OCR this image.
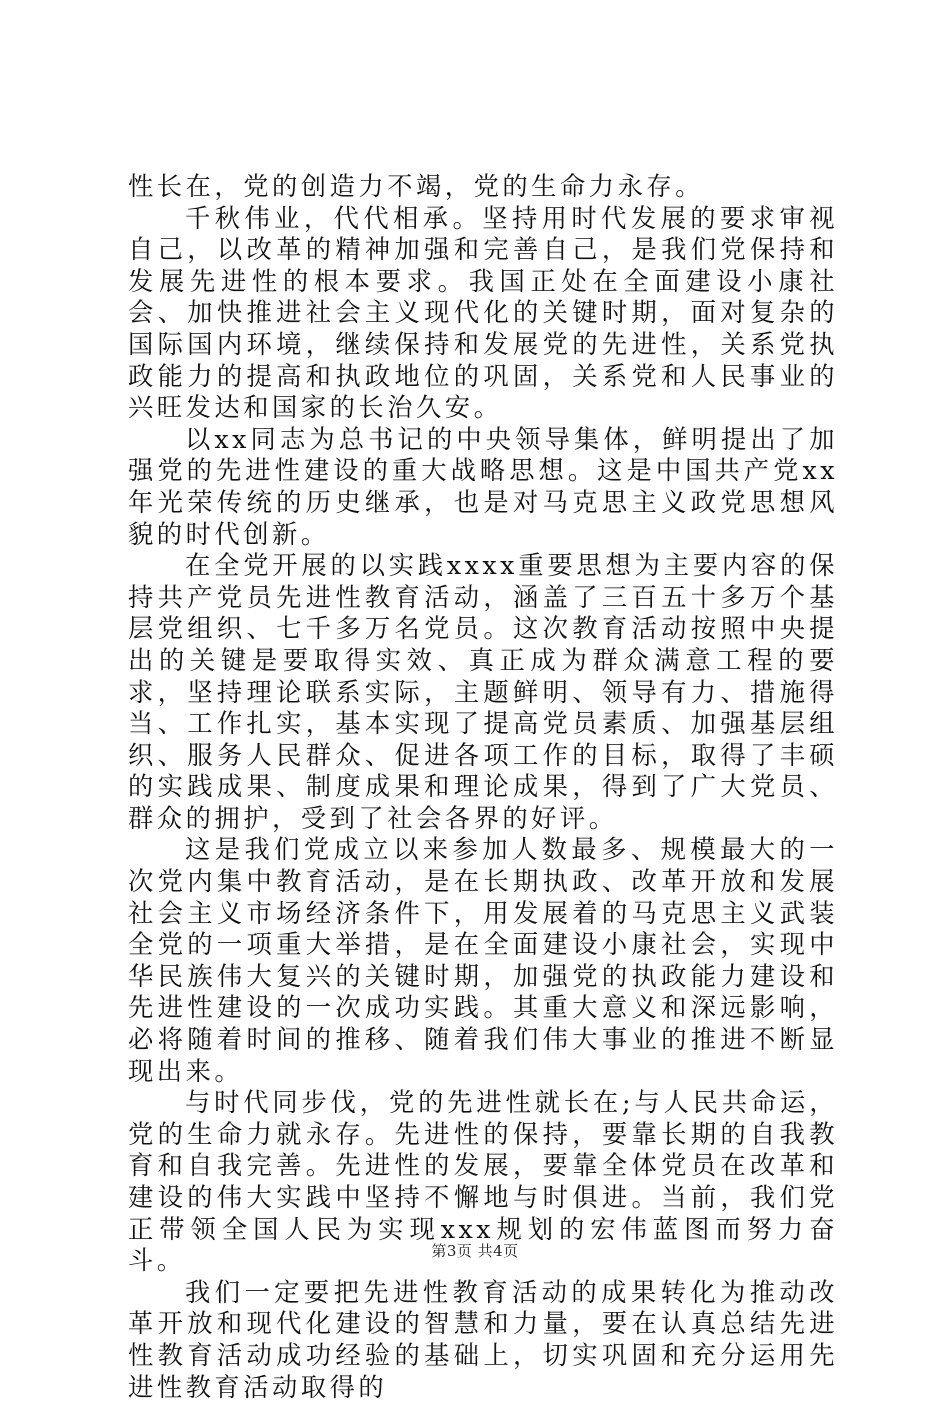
性长在，党的创造力不竭，党的生命力永存。

千秋伟业，代代相承。坚持用时代发展的要求审视自己，以改革的精神加强和完善自己，是我们党保持和发展先进性的根本要求。我国正处在全面建设小康社会、加快推进社会主义现代化的关键时期，面对复杂的国际国内环境，继续保持和发展党的先进性，关系党执政能力的提高和执政地位的巩固，关系党和人民事业的兴旺发达和国家的长治久安。

以xx同志为总书记的中央领导集体，鲜明提出了加强党的先进性建设的重大战略思想。这是中国共产党xx年光荣传统的历史继承，也是对马克思主义政党思想风貌的时代创新。

在全党开展的以实践xxxx重要思想为主要内容的保持共产党员先进性教育活动，涵盖了三百五十多万个基层党组织、七千多万名党员。这次教育活动按照中央提出的关键是要取得实效、真正成为群众满意工程的要求，坚持理论联系实际，主题鲜明、领导有力、措施得当、工作扎实，基本实现了提高党员素质、加强基层组织、服务人民群众、促进各项工作的目标，取得了丰硕的实践成果、制度成果和理论成果，得到了广大党员、群众的拥护，受到了社会各界的好评。

这是我们党成立以来参加人数最多、规模最大的一次党内集中教育活动，是在长期执政、改革开放和发展社会主义市场经济条件下，用发展着的马克思主义武装全党的一项重大举措，是在全面建设小康社会，实现中华民族伟大复兴的关键时期，加强党的执政能力建设和先进性建设的一次成功实践。其重大意义和深远影响，必将随着时间的推移、随着我们伟大事业的推进不断显现出来。

与时代同步伐，党的先进性就长在;与人民共命运，党的生命力就永存。先进性的保持，要靠长期的自我教育和自我完善。先进性的发展，要靠全体党员在改革和建设的伟大实践中坚持不懈地与时俱进。当前，我们党正带领全国人民为实现xxx规划的宏伟蓝图而努力奋斗。

我们一定要把先进性教育活动的成果转化为推动改革开放和现代化建设的智慧和力量，要在认真总结先进性教育活动成功经验的基础上，切实巩固和充分运用先进性教育活动取得的

第3页 共4页
